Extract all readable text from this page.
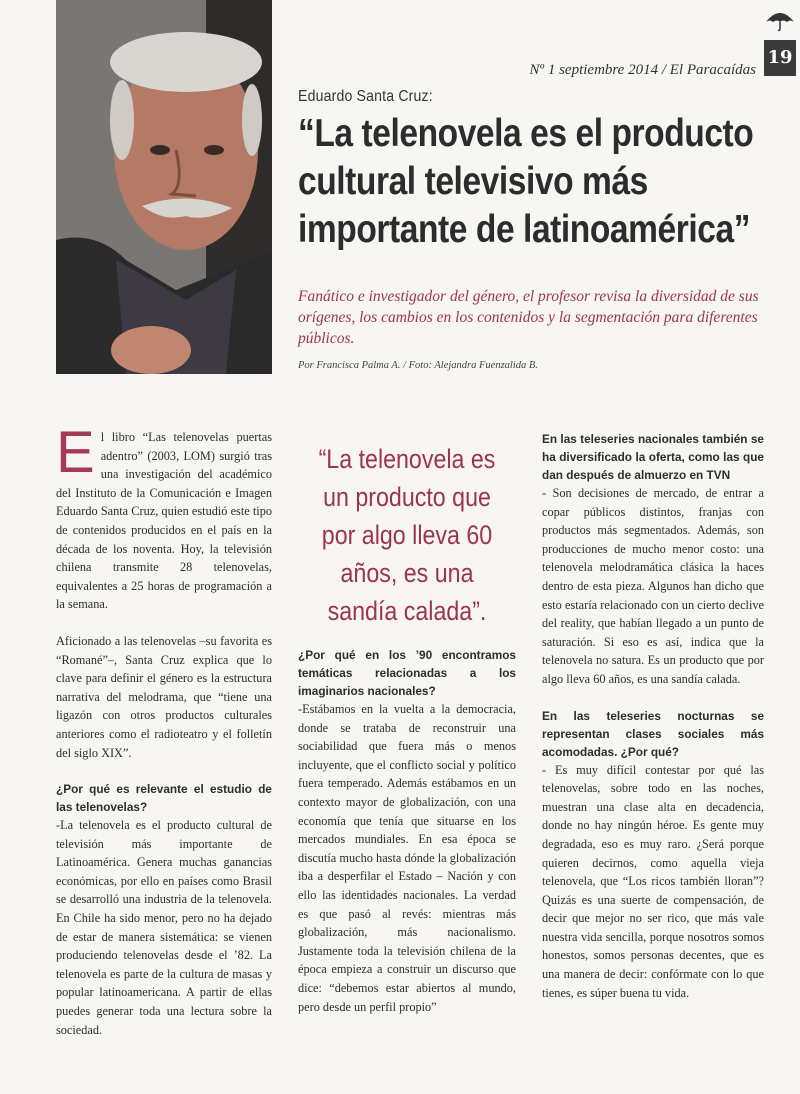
19
Nº 1 septiembre 2014 / El Paracaídas
Eduardo Santa Cruz:
“La telenovela es el producto
cultural televisivo más
importante de latinoamérica”

Fanático e investigador del género, el profesor revisa la diversidad de sus orígenes, los cambios en los contenidos y la segmentación para diferentes públicos.

Por Francisca Palma A. / Foto: Alejandra Fuenzalida B.

El libro “Las telenovelas puertas adentro” (2003, LOM) surgió tras una investigación del académico del Instituto de la Comunicación e Imagen Eduardo Santa Cruz, quien estudió este tipo de contenidos producidos en el país en la década de los noventa. Hoy, la televisión chilena transmite 28 telenovelas, equivalentes a 25 horas de programación a la semana.

Aficionado a las telenovelas –su favorita es “Romané”–, Santa Cruz explica que lo clave para definir el género es la estructura narrativa del melodrama, que “tiene una ligazón con otros productos culturales anteriores como el radioteatro y el folletín del siglo XIX”.

¿Por qué es relevante el estudio de las telenovelas?

-La telenovela es el producto cultural de televisión más importante de Latinoamérica. Genera muchas ganancias económicas, por ello en países como Brasil se desarrolló una industria de la telenovela. En Chile ha sido menor, pero no ha dejado de estar de manera sistemática: se vienen produciendo telenovelas desde el ’82. La telenovela es parte de la cultura de masas y popular latinoamericana. A partir de ellas puedes generar toda una lectura sobre la sociedad.

“La telenovela es un producto que por algo lleva 60 años, es una sandía calada”.

¿Por qué en los ’90 encontramos temáticas relacionadas a los imaginarios nacionales?

-Estábamos en la vuelta a la democracia, donde se trataba de reconstruir una sociabilidad que fuera más o menos incluyente, que el conflicto social y político fuera temperado. Además estábamos en un contexto mayor de globalización, con una economía que tenía que situarse en los mercados mundiales. En esa época se discutía mucho hasta dónde la globalización iba a desperfilar el Estado – Nación y con ello las identidades nacionales. La verdad es que pasó al revés: mientras más globalización, más nacionalismo. Justamente toda la televisión chilena de la época empieza a construir un discurso que dice: “debemos estar abiertos al mundo, pero desde un perfil propio”

En las teleseries nacionales también se ha diversificado la oferta, como las que dan después de almuerzo en TVN

- Son decisiones de mercado, de entrar a copar públicos distintos, franjas con productos más segmentados. Además, son producciones de mucho menor costo: una telenovela melodramática clásica la haces dentro de esta pieza. Algunos han dicho que esto estaría relacionado con un cierto declive del reality, que habían llegado a un punto de saturación. Si eso es así, indica que la telenovela no satura. Es un producto que por algo lleva 60 años, es una sandía calada.

En las teleseries nocturnas se representan clases sociales más acomodadas. ¿Por qué?

- Es muy difícil contestar por qué las telenovelas, sobre todo en las noches, muestran una clase alta en decadencia, donde no hay ningún héroe. Es gente muy degradada, eso es muy raro. ¿Será porque quieren decirnos, como aquella vieja telenovela, que “Los ricos también lloran”? Quizás es una suerte de compensación, de decir que mejor no ser rico, que más vale nuestra vida sencilla, porque nosotros somos honestos, somos personas decentes, que es una manera de decir: confórmate con lo que tienes, es súper buena tu vida.
